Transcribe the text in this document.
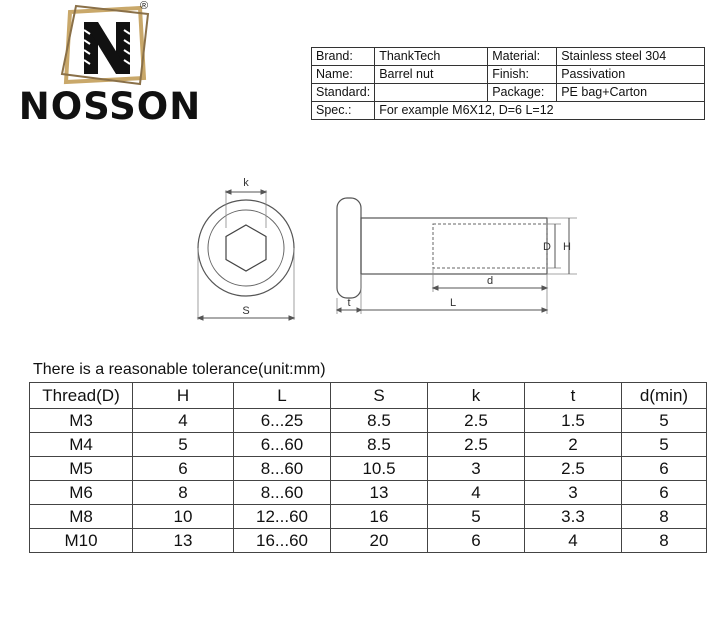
®
NOSSON
Brand:	ThankTech	Material:	Stainless steel 304
Name:	Barrel nut	Finish:	Passivation
Standard:		Package:	PE bag+Carton
Spec.:	For example M6X12, D=6 L=12		
k
S
D H
d
t	L
There is a reasonable tolerance(unit:mm)
Thread(D)	H	L	S	k	t	d(min)
M3	4	6...25	8.5	2.5	1.5	5
M4	5	6...60	8.5	2.5	2	5
M5	6	8...60	10.5	3	2.5	6
M6	8	8...60	13	4	3	6
M8	10	12...60	16	5	3.3	8
M10	13	16...60	20	6	4	8
